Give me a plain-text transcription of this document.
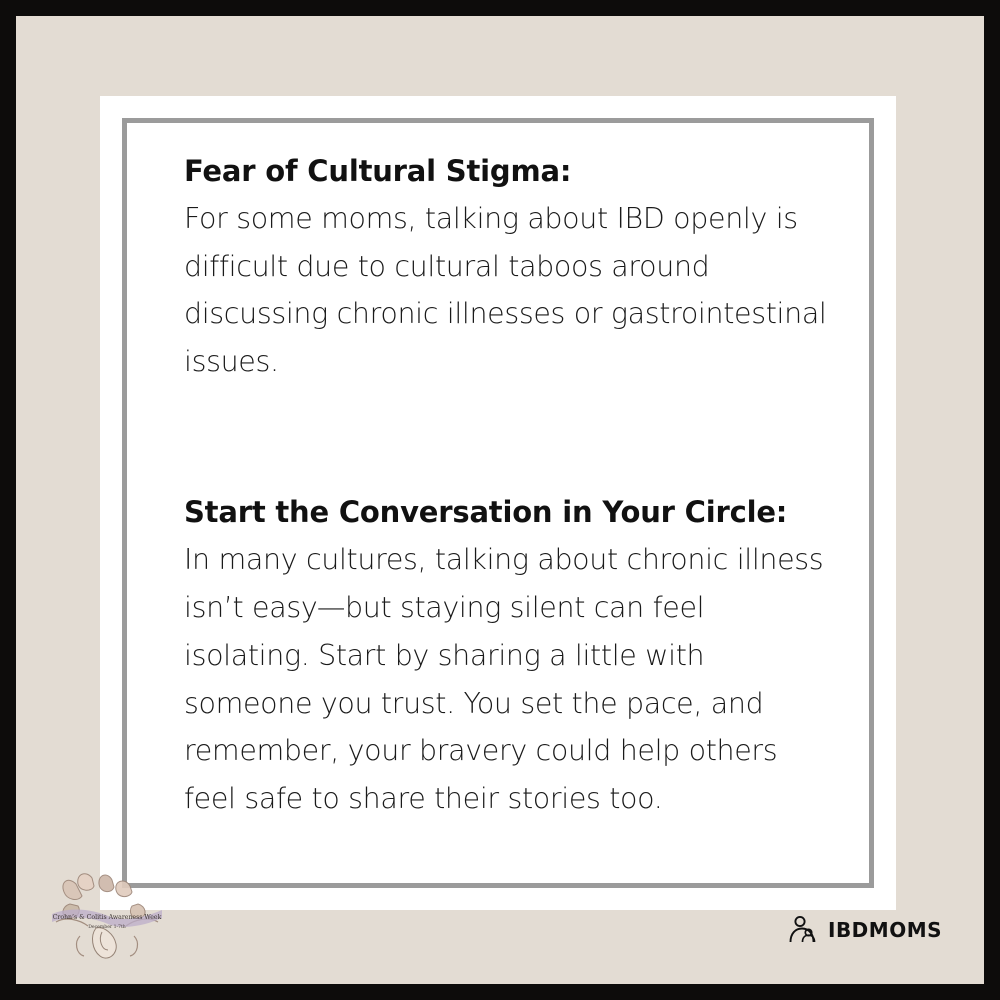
Fear of Cultural Stigma:

For some moms, talking about IBD openly is difficult due to cultural taboos around discussing chronic illnesses or gastrointestinal issues.

Start the Conversation in Your Circle:

In many cultures, talking about chronic illness isn’t easy—but staying silent can feel isolating. Start by sharing a little with someone you trust. You set the pace, and remember, your bravery could help others feel safe to share their stories too.

Crohn’s & Colitis Awareness Week
December 1-7th	IBDMOMS
